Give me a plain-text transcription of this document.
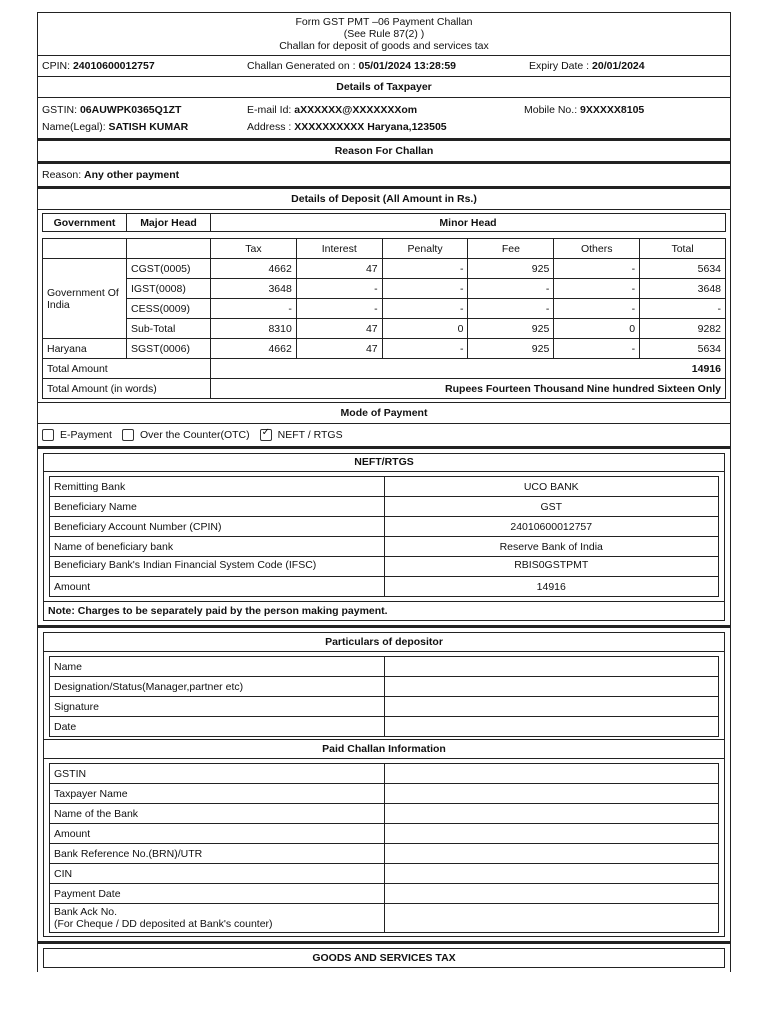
Form GST PMT –06 Payment Challan
(See Rule 87(2) )
Challan for deposit of goods and services tax
CPIN: 24010600012757	Challan Generated on : 05/01/2024 13:28:59	Expiry Date : 20/01/2024
Details of Taxpayer
GSTIN: 06AUWPK0365Q1ZT	E-mail Id: aXXXXXX@XXXXXXXom	Mobile No.: 9XXXXX8105
Name(Legal): SATISH KUMAR	Address : XXXXXXXXXX Haryana,123505
Reason For Challan
Reason:
Any other payment
Details of Deposit (All Amount in Rs.)
Government	Major Head	Minor Head
		Tax	Interest	Penalty	Fee	Others	Total
Government Of India	CGST(0005)	4662	47	-	925	-	5634
	IGST(0008)	3648	-	-	-	-	3648
	CESS(0009)	-	-	-	-	-	-
	Sub-Total	8310	47	0	925	0	9282
Haryana	SGST(0006)	4662	47	-	925	-	5634
Total Amount		14916					
Total Amount (in words)		Rupees Fourteen Thousand Nine hundred Sixteen Only					
Mode of Payment
E-Payment	Over the Counter(OTC) ✓	NEFT / RTGS
NEFT/RTGS
Remitting Bank	UCO BANK
Beneficiary Name	GST
Beneficiary Account Number (CPIN)	24010600012757
Name of beneficiary bank	Reserve Bank of India
Beneficiary Bank's Indian Financial System Code (IFSC)	RBIS0GSTPMT
Amount	14916
Note: Charges to be separately paid by the person making payment.
Particulars of depositor
Name	
Designation/Status(Manager,partner etc)	
Signature	
Date	
Paid Challan Information
GSTIN	
Taxpayer Name	
Name of the Bank	
Amount	
Bank Reference No.(BRN)/UTR	
CIN	
Payment Date	

Bank Ack No.
(For Cheque / DD deposited at Bank's counter)	

GOODS AND SERVICES TAX
